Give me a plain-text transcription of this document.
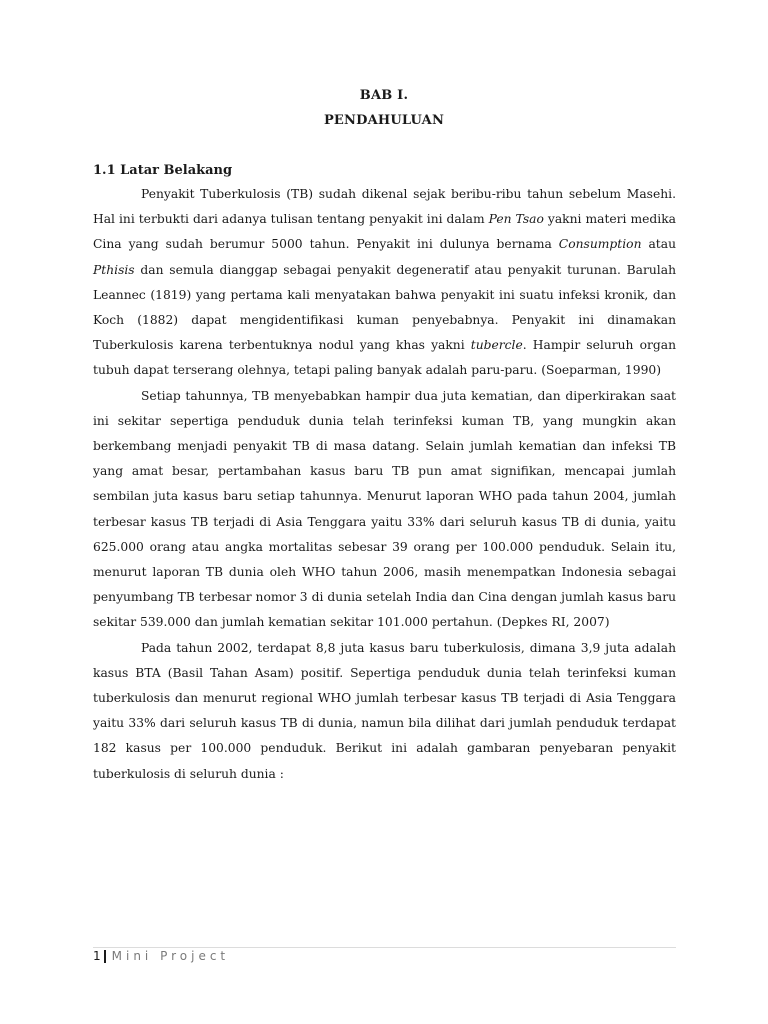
BAB I.
PENDAHULUAN
1.1 Latar Belakang

Penyakit Tuberkulosis (TB) sudah dikenal sejak beribu-ribu tahun sebelum Masehi. Hal ini terbukti dari adanya tulisan tentang penyakit ini dalam Pen Tsao yakni materi medika Cina yang sudah berumur 5000 tahun. Penyakit ini dulunya bernama Consumption atau Pthisis dan semula dianggap sebagai penyakit degeneratif atau penyakit turunan. Barulah Leannec (1819) yang pertama kali menyatakan bahwa penyakit ini suatu infeksi kronik, dan Koch (1882) dapat mengidentifikasi kuman penyebabnya. Penyakit ini dinamakan Tuberkulosis karena terbentuknya nodul yang khas yakni tubercle. Hampir seluruh organ tubuh dapat terserang olehnya, tetapi paling banyak adalah paru-paru. (Soeparman, 1990)

Setiap tahunnya, TB menyebabkan hampir dua juta kematian, dan diperkirakan saat ini sekitar sepertiga penduduk dunia telah terinfeksi kuman TB, yang mungkin akan berkembang menjadi penyakit TB di masa datang. Selain jumlah kematian dan infeksi TB yang amat besar, pertambahan kasus baru TB pun amat signifikan, mencapai jumlah sembilan juta kasus baru setiap tahunnya. Menurut laporan WHO pada tahun 2004, jumlah terbesar kasus TB terjadi di Asia Tenggara yaitu 33% dari seluruh kasus TB di dunia, yaitu 625.000 orang atau angka mortalitas sebesar 39 orang per 100.000 penduduk. Selain itu, menurut laporan TB dunia oleh WHO tahun 2006, masih menempatkan Indonesia sebagai penyumbang TB terbesar nomor 3 di dunia setelah India dan Cina dengan jumlah kasus baru sekitar 539.000 dan jumlah kematian sekitar 101.000 pertahun. (Depkes RI, 2007)

Pada tahun 2002, terdapat 8,8 juta kasus baru tuberkulosis, dimana 3,9 juta adalah kasus BTA (Basil Tahan Asam) positif. Sepertiga penduduk dunia telah terinfeksi kuman tuberkulosis dan menurut regional WHO jumlah terbesar kasus TB terjadi di Asia Tenggara yaitu 33% dari seluruh kasus TB di dunia, namun bila dilihat dari jumlah penduduk terdapat 182 kasus per 100.000 penduduk. Berikut ini adalah gambaran penyebaran penyakit tuberkulosis di seluruh dunia :

1 Mini Project
